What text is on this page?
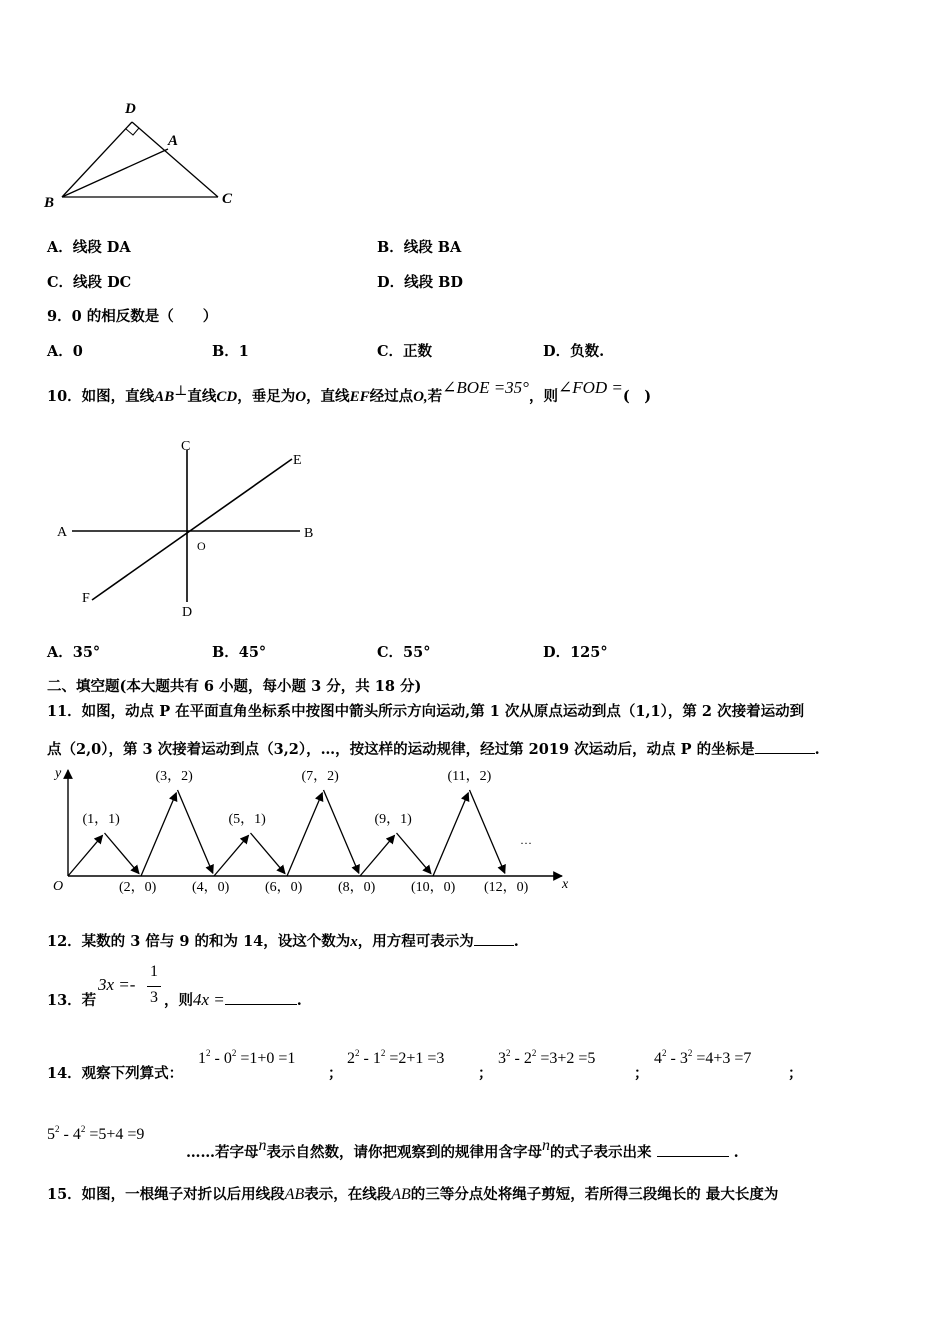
D
A
B	C
A．线段 DA	B．线段 BA
C．线段 DC	D．线段 BD
9．0 的相反数是（　　）
A．0	B．1	C．正数	D．负数.
10．如图，直线AB⊥直线CD，垂足为O，直线EF经过点O,若∠BOE =35°，则∠FOD =(　)
C
E
A	B
O
F
D
A．35°	B．45°	C．55°	D．125°
二、填空题(本大题共有 6 小题，每小题 3 分，共 18 分)
11．如图，动点 P 在平面直角坐标系中按图中箭头所示方向运动,第 1 次从原点运动到点（1,1），第 2 次接着运动到
点（2,0），第 3 次接着运动到点（3,2），…，按这样的运动规律，经过第 2019 次运动后，动点 P 的坐标是	.
y
x
O
···
(1，1)
(3，2)
(5，1)
(7，2)
(9，1)
(11，2)
(2，0)	(4，0)	(6，0)	(8，0)	(10，0) (12，0)
12．某数的 3 倍与 9 的和为 14，设这个数为x，用方程可表示为	.
13．若
3x =-
1
3 ，则4x =	.
14．观察下列算式：
$1^2 - 0^2 =1+0 =1$
；
$2^2 - 1^2 =2+1 =3$
；
$3^2 - 2^2 =3+2 =5$
；
$4^2 - 3^2 =4+3 =7$
；
$5^2 - 4^2 =5+4 =9$
……若字母n表示自然数，请你把观察到的规律用含字母n的式子表示出来	.
15．如图，一根绳子对折以后用线段AB表示，在线段AB的三等分点处将绳子剪短，若所得三段绳长的 最大长度为
